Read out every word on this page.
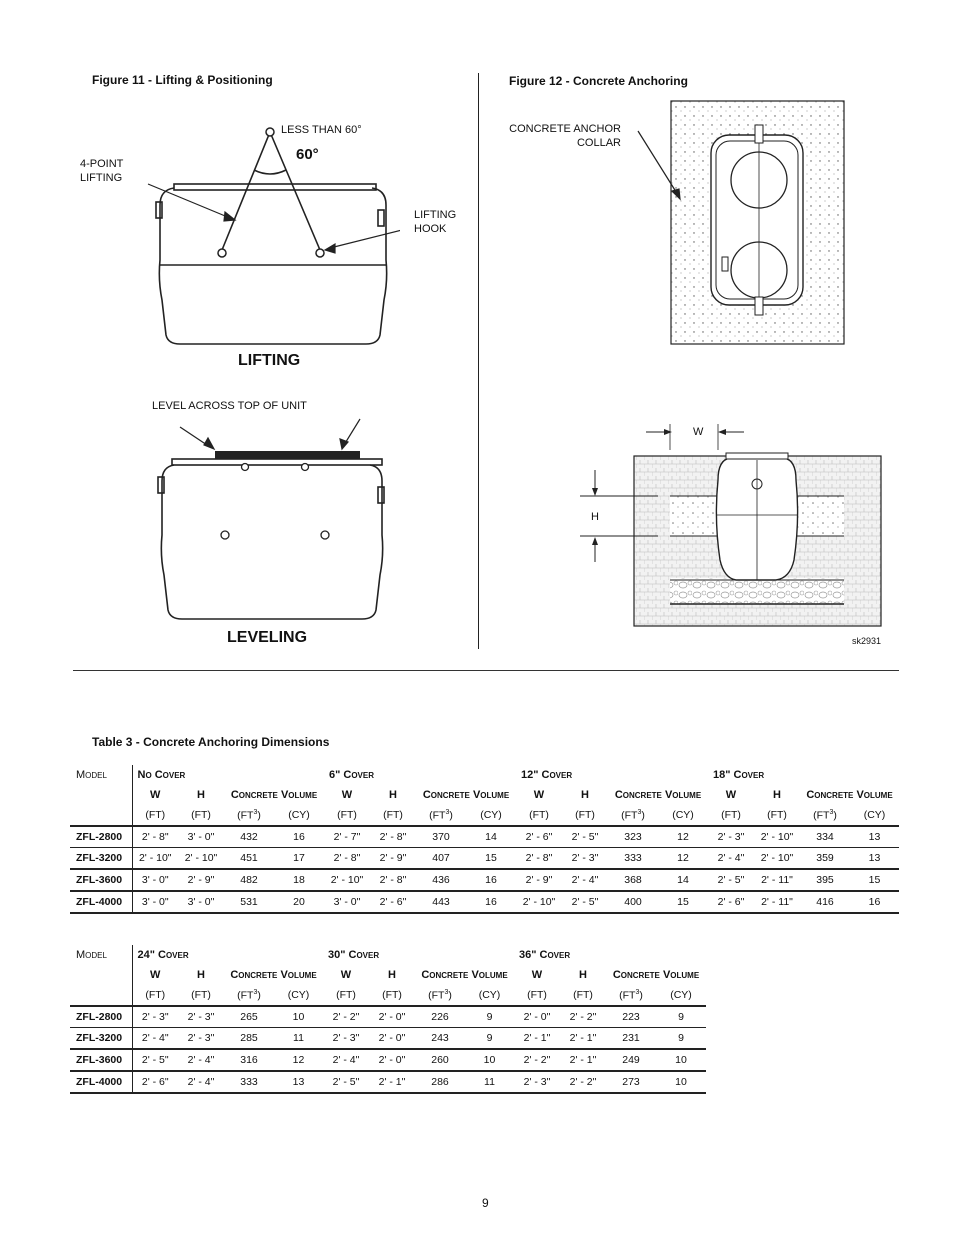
Figure 11 - Lifting & Positioning	Figure 12 - Concrete Anchoring
LESS THAN 60°
60°
4-POINT
LIFTING
LIFTING
HOOK
LIFTING
LEVEL ACROSS TOP OF UNIT
LEVELING
CONCRETE ANCHOR
COLLAR
W
H
sk2931
Table 3 - Concrete Anchoring Dimensions
Model	No Cover				6" Cover				12" Cover				18" Cover			
	W	H	Concrete Volume		W	H	Concrete Volume		W	H	Concrete Volume		W	H	Concrete Volume	
	(FT)	(FT)	$(FT^3)$	(CY)	(FT)	(FT)	$(FT^3)$	(CY)	(FT)	(FT)	$(FT^3)$	(CY)	(FT)	(FT)	$(FT^3)$	(CY)
ZFL-2800	2' - 8"	3' - 0"	432	16	2' - 7"	2' - 8"	370	14	2' - 6"	2' - 5"	323	12	2' - 3"	2' - 10"	334	13
ZFL-3200	2' - 10"	2' - 10"	451	17	2' - 8"	2' - 9"	407	15	2' - 8"	2' - 3"	333	12	2' - 4"	2' - 10"	359	13
ZFL-3600	3' - 0"	2' - 9"	482	18	2' - 10"	2' - 8"	436	16	2' - 9"	2' - 4"	368	14	2' - 5"	2' - 11"	395	15
ZFL-4000	3' - 0"	3' - 0"	531	20	3' - 0"	2' - 6"	443	16	2' - 10"	2' - 5"	400	15	2' - 6"	2' - 11"	416	16
Model	24" Cover				30" Cover				36" Cover			
	W	H	Concrete Volume		W	H	Concrete Volume		W	H	Concrete Volume	
	(FT)	(FT)	$(FT^3)$	(CY)	(FT)	(FT)	$(FT^3)$	(CY)	(FT)	(FT)	$(FT^3)$	(CY)
ZFL-2800	2' - 3"	2' - 3"	265	10	2' - 2"	2' - 0"	226	9	2' - 0"	2' - 2"	223	9
ZFL-3200	2' - 4"	2' - 3"	285	11	2' - 3"	2' - 0"	243	9	2' - 1"	2' - 1"	231	9
ZFL-3600	2' - 5"	2' - 4"	316	12	2' - 4"	2' - 0"	260	10	2' - 2"	2' - 1"	249	10
ZFL-4000	2' - 6"	2' - 4"	333	13	2' - 5"	2' - 1"	286	11	2' - 3"	2' - 2"	273	10
9
